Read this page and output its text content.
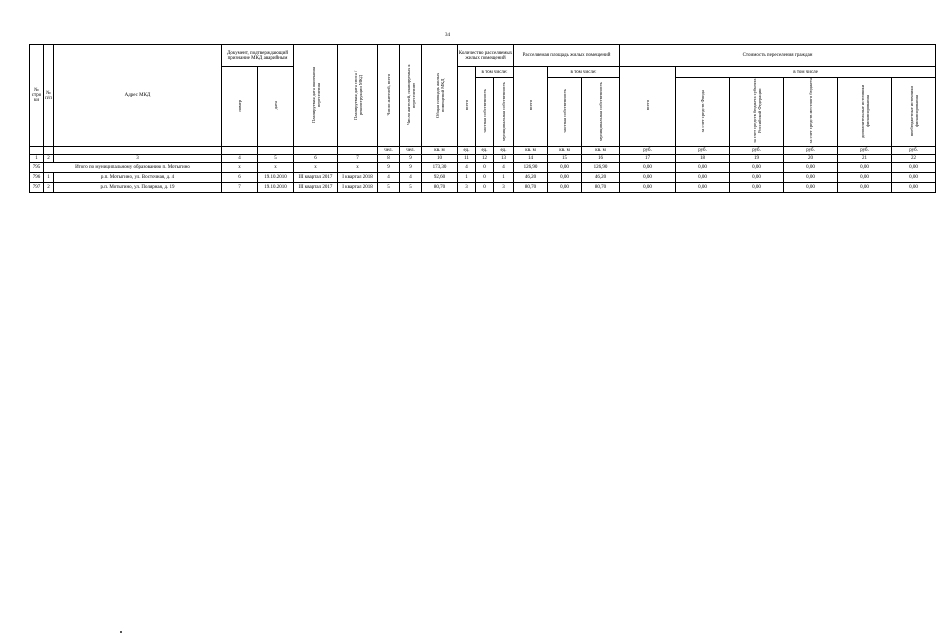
34
№ стро ки	№ п/п	Адрес МКД	Документ, подтверждающий признание МКД аварийным		Планируемая дата окончания переселения	Планируемая дата сноса / реконструкции МКД	Число жителей, всего	Число жителей, планируемых к переселению	Общая площадь жилых помещений МКД	Количество расселяемых жилых помещений			Расселяемая площадь жилых помещений			Стоимость переселения граждан					
			номер	дата						всего	в том числе:		всего	в том числе:		всего	в том числе				
											частная собственность	муниципальная собственность		частная собственность	муниципальная собственность		за счет средств Фонда	за счет средств бюджета субъекта Российской Федерации	за счет средств местного бюджета	дополнительные источники финансирования	внебюджетные источники финансирования
							чел.	чел.	кв. м	ед.	ед.	ед.	кв. м	кв. м	кв. м	руб.	руб.	руб.	руб.	руб.	руб.
1	2	3	4	5	6	7	8	9	10	11	12	13	14	15	16	17	18	19	20	21	22
795	Итого по муниципальному образованию п. Мотыгино		x	x	x	x	9	9	173,30	4	0	4	126,90	0,00	126,90	0,00	0,00	0,00	0,00	0,00	0,00
796	1	р.п. Мотыгино, ул. Восточная, д. 4	6	19.10.2010	III квартал 2017	I квартал 2018	4	4	92,60	1	0	1	46,20	0,00	46,20	0,00	0,00	0,00	0,00	0,00	0,00
797	2	р.п. Мотыгино, ул. Полярная, д. 19	7	19.10.2010	III квартал 2017	I квартал 2018	5	5	80,70	3	0	3	80,70	0,00	80,70	0,00	0,00	0,00	0,00	0,00	0,00
